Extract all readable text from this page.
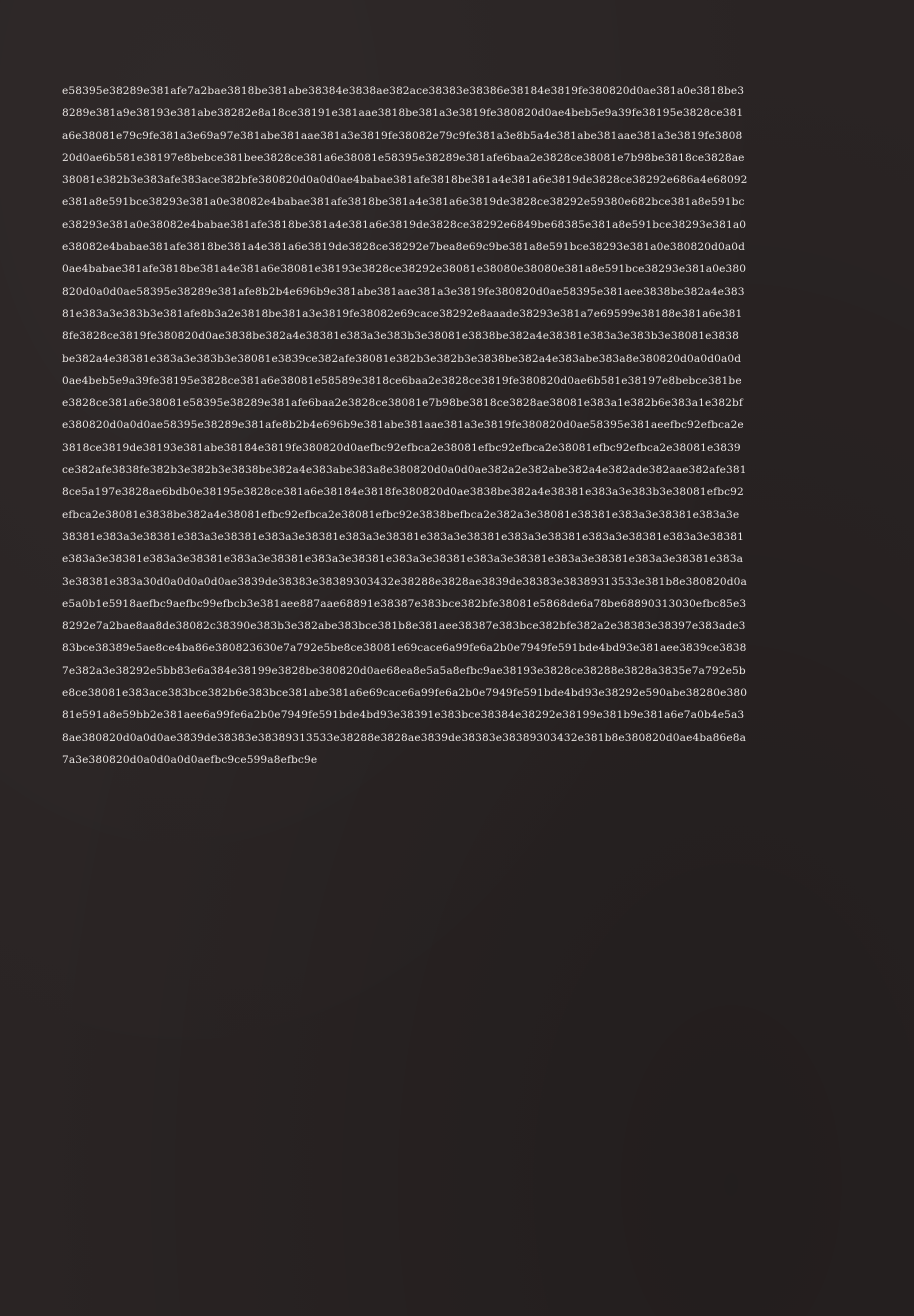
e58395e38289e381afe7a2bae3818be381abe38384e3838ae382ace38383e38386e38184e3819fe380820d0ae381a0e3818be3
8289e381a9e38193e381abe38282e8a18ce38191e381aae3818be381a3e3819fe380820d0ae4beb5e9a39fe38195e3828ce381
a6e38081e79c9fe381a3e69a97e381abe381aae381a3e3819fe38082e79c9fe381a3e8b5a4e381abe381aae381a3e3819fe3808
20d0ae6b581e38197e8bebce381bee3828ce381a6e38081e58395e38289e381afe6baa2e3828ce38081e7b98be3818ce3828ae
38081e382b3e383afe383ace382bfe380820d0a0d0ae4babae381afe3818be381a4e381a6e3819de3828ce38292e686a4e68092
e381a8e591bce38293e381a0e38082e4babae381afe3818be381a4e381a6e3819de3828ce38292e59380e682bce381a8e591bc
e38293e381a0e38082e4babae381afe3818be381a4e381a6e3819de3828ce38292e6849be68385e381a8e591bce38293e381a0
e38082e4babae381afe3818be381a4e381a6e3819de3828ce38292e7bea8e69c9be381a8e591bce38293e381a0e380820d0a0d
0ae4babae381afe3818be381a4e381a6e38081e38193e3828ce38292e38081e38080e38080e381a8e591bce38293e381a0e380
820d0a0d0ae58395e38289e381afe8b2b4e696b9e381abe381aae381a3e3819fe380820d0ae58395e381aee3838be382a4e383
81e383a3e383b3e381afe8b3a2e3818be381a3e3819fe38082e69cace38292e8aaade38293e381a7e69599e38188e381a6e381
8fe3828ce3819fe380820d0ae3838be382a4e38381e383a3e383b3e38081e3838be382a4e38381e383a3e383b3e38081e3838
be382a4e38381e383a3e383b3e38081e3839ce382afe38081e382b3e382b3e3838be382a4e383abe383a8e380820d0a0d0a0d
0ae4beb5e9a39fe38195e3828ce381a6e38081e58589e3818ce6baa2e3828ce3819fe380820d0ae6b581e38197e8bebce381be
e3828ce381a6e38081e58395e38289e381afe6baa2e3828ce38081e7b98be3818ce3828ae38081e383a1e382b6e383a1e382bf
e380820d0a0d0ae58395e38289e381afe8b2b4e696b9e381abe381aae381a3e3819fe380820d0ae58395e381aeefbc92efbca2e
3818ce3819de38193e381abe38184e3819fe380820d0aefbc92efbca2e38081efbc92efbca2e38081efbc92efbca2e38081e3839
ce382afe3838fe382b3e382b3e3838be382a4e383abe383a8e380820d0a0d0ae382a2e382abe382a4e382ade382aae382afe381
8ce5a197e3828ae6bdb0e38195e3828ce381a6e38184e3818fe380820d0ae3838be382a4e38381e383a3e383b3e38081efbc92
efbca2e38081e3838be382a4e38081efbc92efbca2e38081efbc92e3838befbca2e382a3e38081e38381e383a3e38381e383a3e
38381e383a3e38381e383a3e38381e383a3e38381e383a3e38381e383a3e38381e383a3e38381e383a3e38381e383a3e38381
e383a3e38381e383a3e38381e383a3e38381e383a3e38381e383a3e38381e383a3e38381e383a3e38381e383a3e38381e383a
3e38381e383a30d0a0d0a0d0ae3839de38383e38389303432e38288e3828ae3839de38383e38389313533e381b8e380820d0a
e5a0b1e5918aefbc9aefbc99efbcb3e381aee887aae68891e38387e383bce382bfe38081e5868de6a78be68890313030efbc85e3
8292e7a2bae8aa8de38082c38390e383b3e382abe383bce381b8e381aee38387e383bce382bfe382a2e38383e38397e383ade3
83bce38389e5ae8ce4ba86e380823630e7a792e5be8ce38081e69cace6a99fe6a2b0e7949fe591bde4bd93e381aee3839ce3838
7e382a3e38292e5bb83e6a384e38199e3828be380820d0ae68ea8e5a5a8efbc9ae38193e3828ce38288e3828a3835e7a792e5b
e8ce38081e383ace383bce382b6e383bce381abe381a6e69cace6a99fe6a2b0e7949fe591bde4bd93e38292e590abe38280e380
81e591a8e59bb2e381aee6a99fe6a2b0e7949fe591bde4bd93e38391e383bce38384e38292e38199e381b9e381a6e7a0b4e5a3
8ae380820d0a0d0ae3839de38383e38389313533e38288e3828ae3839de38383e38389303432e381b8e380820d0ae4ba86e8a
7a3e380820d0a0d0a0d0aefbc9ce599a8efbc9e
